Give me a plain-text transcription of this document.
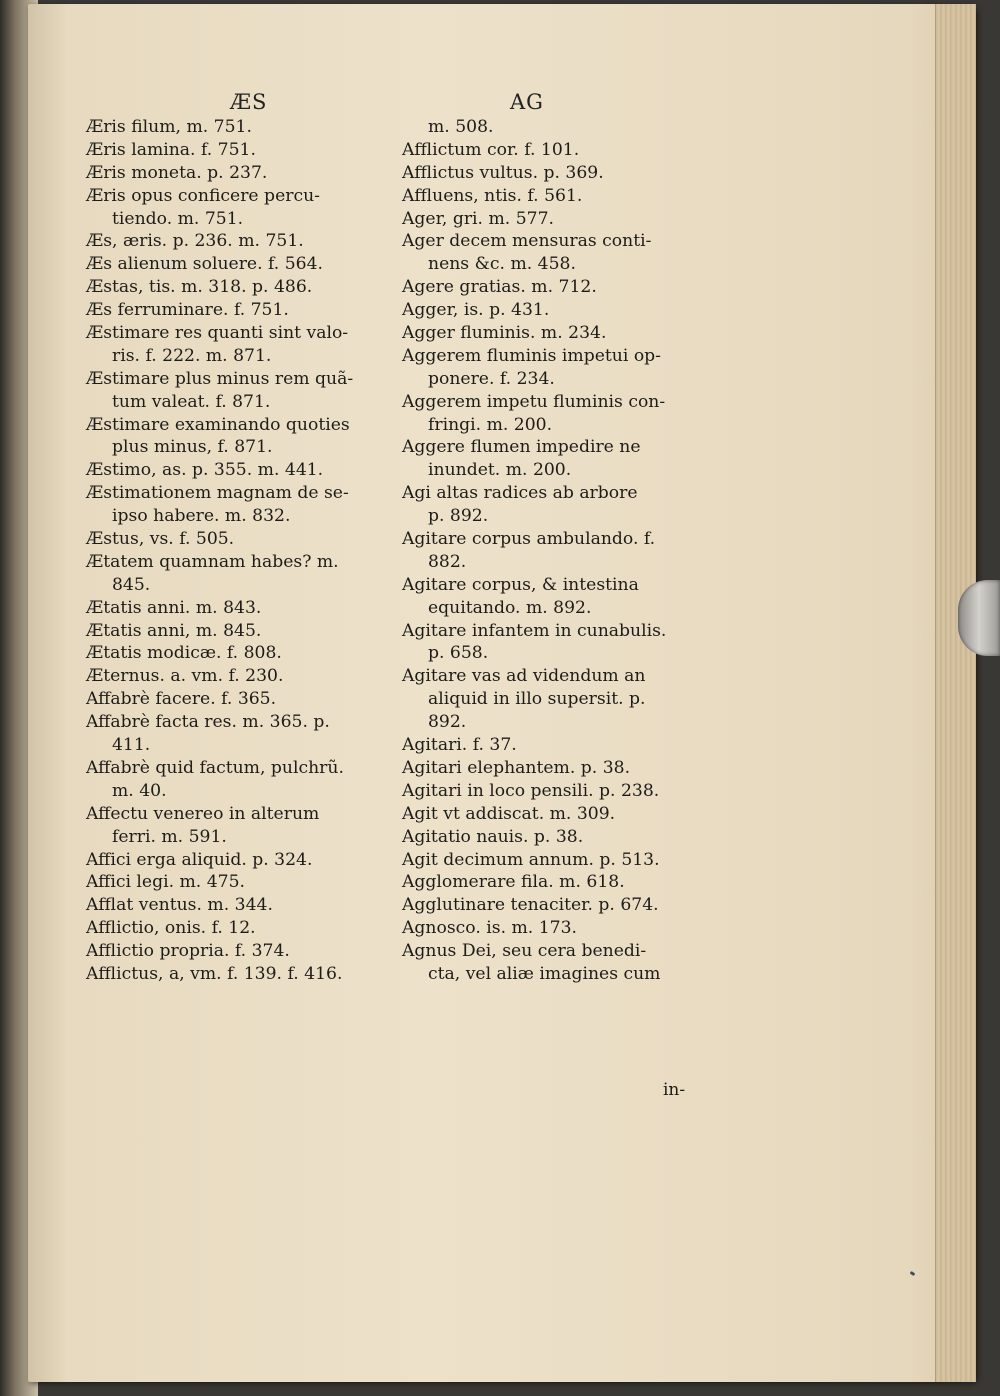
ÆS	AG
Æris filum, m. 751.
Æris lamina. f. 751.
Æris moneta. p. 237.
Æris opus conficere percu-
tiendo. m. 751.
Æs, æris. p. 236. m. 751.
Æs alienum soluere. f. 564.
Æstas, tis. m. 318. p. 486.
Æs ferruminare. f. 751.
Æstimare res quanti sint valo-
ris. f. 222. m. 871.
Æstimare plus minus rem quã-
tum valeat. f. 871.
Æstimare examinando quoties
plus minus, f. 871.
Æstimo, as. p. 355. m. 441.
Æstimationem magnam de se-
ipso habere. m. 832.
Æstus, vs. f. 505.
Ætatem quamnam habes? m.
845.
Ætatis anni. m. 843.
Ætatis anni, m. 845.
Ætatis modicæ. f. 808.
Æternus. a. vm. f. 230.
Affabrè facere. f. 365.
Affabrè facta res. m. 365. p.
411.
Affabrè quid factum, pulchrũ.
m. 40.
Affectu venereo in alterum
ferri. m. 591.
Affici erga aliquid. p. 324.
Affici legi. m. 475.
Afflat ventus. m. 344.
Afflictio, onis. f. 12.
Afflictio propria. f. 374.
Afflictus, a, vm. f. 139. f. 416.
m. 508.
Afflictum cor. f. 101.
Afflictus vultus. p. 369.
Affluens, ntis. f. 561.
Ager, gri. m. 577.
Ager decem mensuras conti-
nens &c. m. 458.
Agere gratias. m. 712.
Agger, is. p. 431.
Agger fluminis. m. 234.
Aggerem fluminis impetui op-
ponere. f. 234.
Aggerem impetu fluminis con-
fringi. m. 200.
Aggere flumen impedire ne
inundet. m. 200.
Agi altas radices ab arbore
p. 892.
Agitare corpus ambulando. f.
882.
Agitare corpus, & intestina
equitando. m. 892.
Agitare infantem in cunabulis.
p. 658.
Agitare vas ad videndum an
aliquid in illo supersit. p.
892.
Agitari. f. 37.
Agitari elephantem. p. 38.
Agitari in loco pensili. p. 238.
Agit vt addiscat. m. 309.
Agitatio nauis. p. 38.
Agit decimum annum. p. 513.
Agglomerare fila. m. 618.
Agglutinare tenaciter. p. 674.
Agnosco. is. m. 173.
Agnus Dei, seu cera benedi-
cta, vel aliæ imagines cum
in-
